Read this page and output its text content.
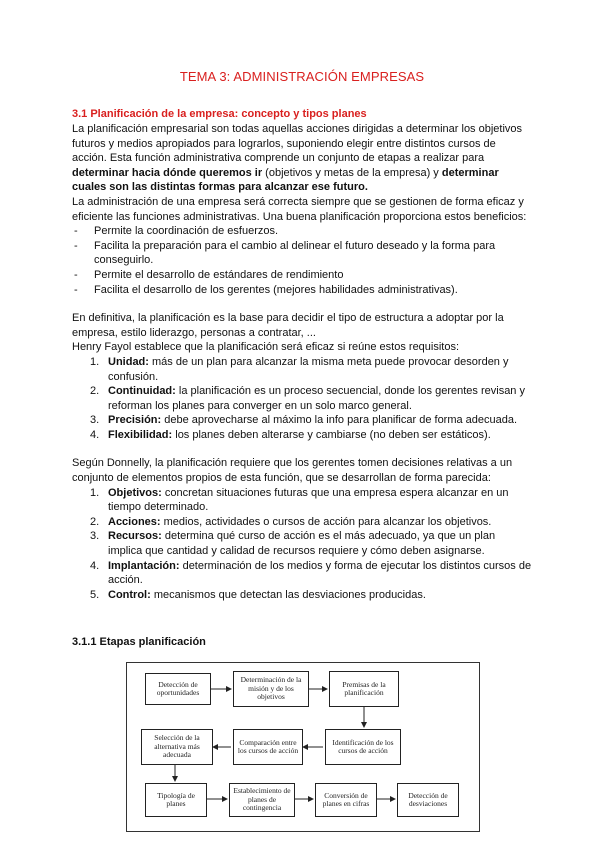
TEMA 3: ADMINISTRACIÓN EMPRESAS
3.1 Planificación de la empresa: concepto y tipos planes

La planificación empresarial son todas aquellas acciones dirigidas a determinar los objetivos futuros y medios apropiados para lograrlos, suponiendo elegir entre distintos cursos de acción. Esta función administrativa comprende un conjunto de etapas a realizar para determinar hacia dónde queremos ir (objetivos y metas de la empresa) y determinar cuales son las distintas formas para alcanzar ese futuro.

La administración de una empresa será correcta siempre que se gestionen de forma eficaz y eficiente las funciones administrativas. Una buena planificación proporciona estos beneficios:

- Permite la coordinación de esfuerzos.
- Facilita la preparación para el cambio al delinear el futuro deseado y la forma para conseguirlo.
- Permite el desarrollo de estándares de rendimiento
- Facilita el desarrollo de los gerentes (mejores habilidades administrativas).

En definitiva, la planificación es la base para decidir el tipo de estructura a adoptar por la empresa, estilo liderazgo, personas a contratar, ...

Henry Fayol establece que la planificación será eficaz si reúne estos requisitos:

1. Unidad: más de un plan para alcanzar la misma meta puede provocar desorden y confusión.
2. Continuidad: la planificación es un proceso secuencial, donde los gerentes revisan y reforman los planes para converger en un solo marco general.
3. Precisión: debe aprovecharse al máximo la info para planificar de forma adecuada.
4. Flexibilidad: los planes deben alterarse y cambiarse (no deben ser estáticos).

Según Donnelly, la planificación requiere que los gerentes tomen decisiones relativas a un conjunto de elementos propios de esta función, que se desarrollan de forma parecida:

1. Objetivos: concretan situaciones futuras que una empresa espera alcanzar en un tiempo determinado.
2. Acciones: medios, actividades o cursos de acción para alcanzar los objetivos.
3. Recursos: determina qué curso de acción es el más adecuado, ya que un plan implica que cantidad y calidad de recursos requiere y cómo deben asignarse.
4. Implantación: determinación de los medios y forma de ejecutar los distintos cursos de acción.
5. Control: mecanismos que detectan las desviaciones producidas.
3.1.1 Etapas planificación
Detección de oportunidades
Determinación de la misión y de los objetivos
Premisas de la planificación
Selección de la alternativa más adecuada
Comparación entre los cursos de acción
Identificación de los cursos de acción
Tipología de planes
Establecimiento de planes de contingencia
Conversión de planes en cifras
Detección de desviaciones
